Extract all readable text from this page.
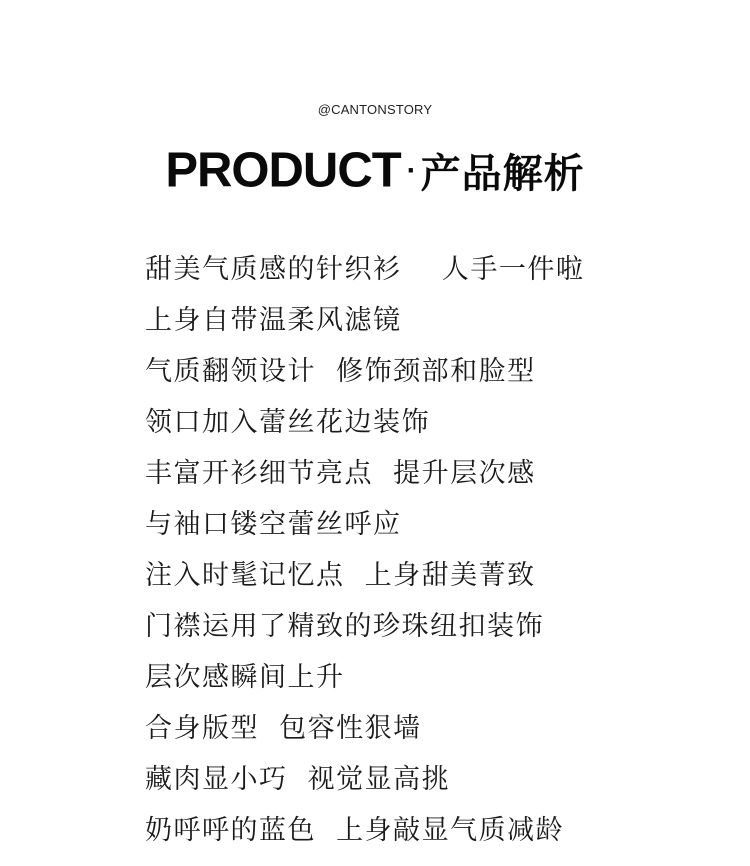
@CANTONSTORY
PRODUCT · 产品解析
甜美气质感的针织衫    人手一件啦
上身自带温柔风滤镜
气质翻领设计  修饰颈部和脸型
领口加入蕾丝花边装饰
丰富开衫细节亮点  提升层次感
与袖口镂空蕾丝呼应
注入时髦记忆点  上身甜美菁致
门襟运用了精致的珍珠纽扣装饰
层次感瞬间上升
合身版型  包容性狠墙
藏肉显小巧  视觉显高挑
奶呼呼的蓝色  上身敲显气质减龄
